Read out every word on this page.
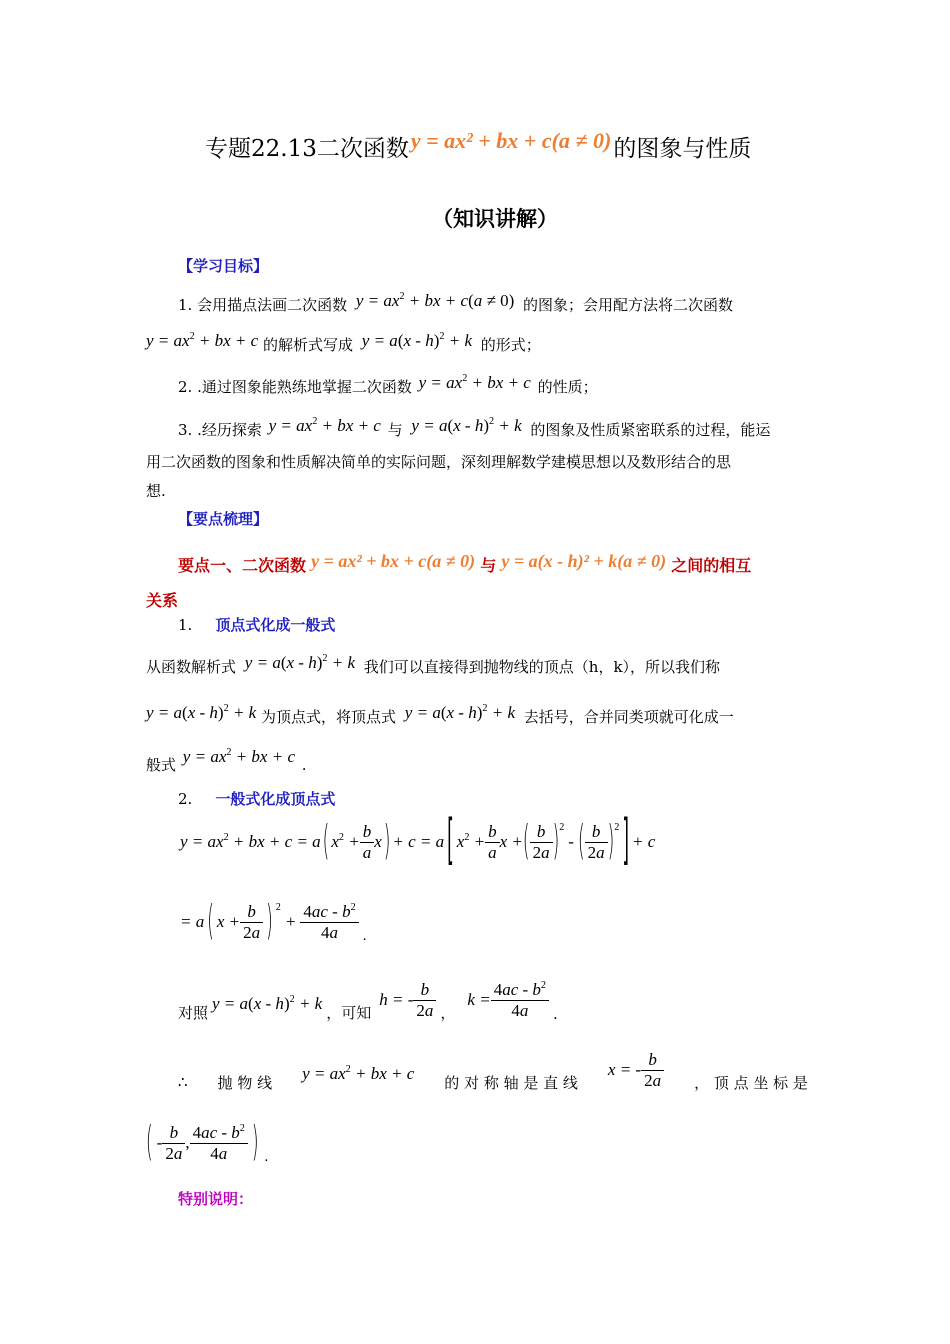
专题22.13二次函数y = ax² + bx + c(a ≠ 0)的图象与性质
（知识讲解）
【学习目标】
1. 会用描点法画二次函数 $y = ax^2$ + bx + c(a ≠ 0) 的图象；会用配方法将二次函数
$y = ax^2$ + bx + c 的解析式写成 y = a(x - h)$^2$ + k 的形式；
2. .通过图象能熟练地掌握二次函数 $y = ax^2$ + bx + c 的性质；
3. .经历探索 $y = ax^2$ + bx + c 与 y = a(x - h)$^2$ + k 的图象及性质紧密联系的过程，能运
用二次函数的图象和性质解决简单的实际问题，深刻理解数学建模思想以及数形结合的思
想.
【要点梳理】
要点一、二次函数 y = ax² + bx + c(a ≠ 0) 与 y = a(x - h)² + k(a ≠ 0) 之间的相互
关系
1. 顶点式化成一般式
从函数解析式 y = a(x - h)$^2$ + k 我们可以直接得到抛物线的顶点（h，k），所以我们称
y = a(x - h)$^2$ + k 为顶点式，将顶点式 y = a(x - h)$^2$ + k 去括号，合并同类项就可化成一
般式 $y = ax^2$ + bx + c .
2. 一般式化成顶点式
$y = ax^2$ + bx + c = a ( $x^2 + \frac{b}{a}$ x ) + c = a [ $x^2 + \frac{b}{a}$ x + ( $\frac{b}{2a} )^2$
- ( $\frac{b}{2a} )^2$ ] + c
= a ( $x + \frac{b}{2a}$ ) $^2$
+ $\frac{4ac - b^2}{4a}$ .
对照 y = a(x - h)$^2$ + k ，可知
h = - $\frac{b}{2a}$ ，
$k = \frac{4ac - b^2}{4a}$ .
∴ 抛 物 线 $y = ax^2$ + bx + c 的 对 称 轴 是 直 线
x = - $\frac{b}{2a}$ ， 顶 点 坐 标 是
( - $\frac{b}{2a}$ , $\frac{4ac - b^2}{4a}$ ) .
特别说明：
